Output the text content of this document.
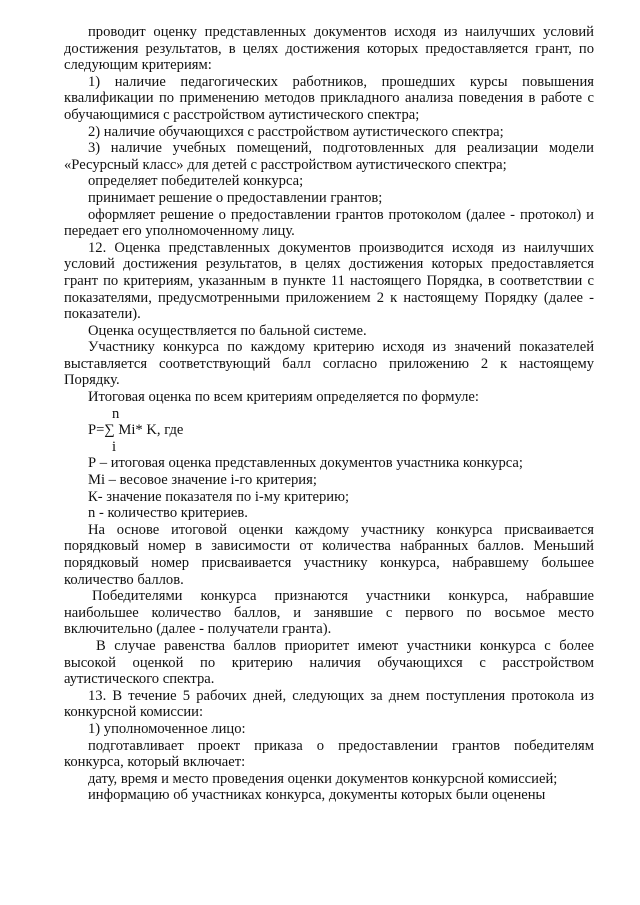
проводит оценку представленных документов исходя из наилучших условий достижения результатов, в целях достижения которых предоставляется грант, по следующим критериям:

1) наличие педагогических работников, прошедших курсы повышения квалификации по применению методов прикладного анализа поведения в работе с обучающимися с расстройством аутистического спектра;

2) наличие обучающихся с расстройством аутистического спектра;

3) наличие учебных помещений, подготовленных для реализации модели «Ресурсный класс» для детей с расстройством аутистического спектра;

определяет победителей конкурса;

принимает решение о предоставлении грантов;

оформляет решение о предоставлении грантов протоколом (далее - протокол) и передает его уполномоченному лицу.

12. Оценка представленных документов производится исходя из наилучших условий достижения результатов, в целях достижения которых предоставляется грант по критериям, указанным в пункте 11 настоящего Порядка, в соответствии с показателями, предусмотренными приложением 2 к настоящему Порядку (далее - показатели).

Оценка осуществляется по бальной системе.

Участнику конкурса по каждому критерию исходя из значений показателей выставляется соответствующий балл согласно приложению 2 к настоящему Порядку.

Итоговая оценка по всем критериям определяется по формуле:

n
P=∑ Mi* K, где
i

Р – итоговая оценка представленных документов участника конкурса;

Mi – весовое значение i-го критерия;

К- значение показателя по i-му критерию;

n - количество критериев.

На основе итоговой оценки каждому участнику конкурса присваивается порядковый номер в зависимости от количества набранных баллов. Меньший порядковый номер присваивается участнику конкурса, набравшему большее количество баллов.

Победителями конкурса признаются участники конкурса, набравшие наибольшее количество баллов, и занявшие с первого по восьмое место включительно (далее - получатели гранта).

В случае равенства баллов приоритет имеют участники конкурса с более высокой оценкой по критерию наличия обучающихся с расстройством аутистического спектра.

13. В течение 5 рабочих дней, следующих за днем поступления протокола из конкурсной комиссии:

1) уполномоченное лицо:

подготавливает проект приказа о предоставлении грантов победителям конкурса, который включает:

дату, время и место проведения оценки документов конкурсной комиссией;

информацию об участниках конкурса, документы которых были оценены
